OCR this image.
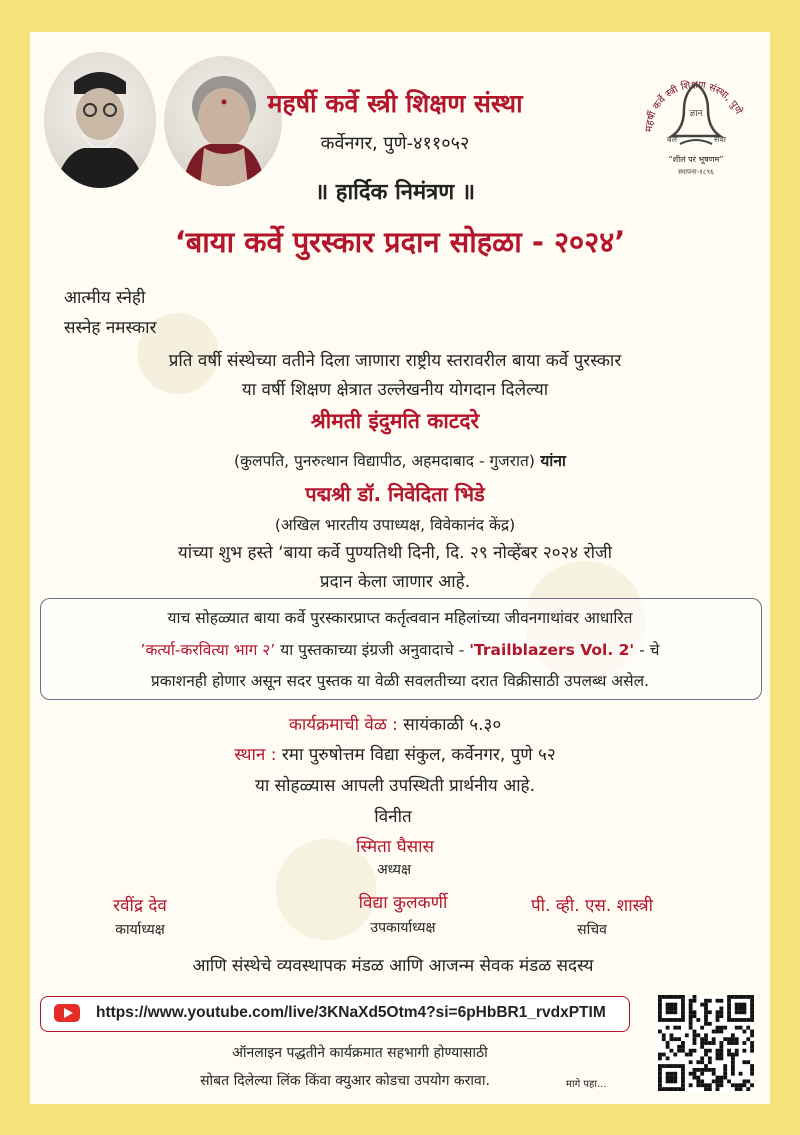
महर्षी कर्वे स्त्री शिक्षण संस्था
कर्वेनगर, पुणे-४११०५२
॥ हार्दिक निमंत्रण ॥
‘बाया कर्वे पुरस्कार प्रदान सोहळा - २०२४’
महर्षी कर्वे स्त्री शिक्षण संस्था, पुणे
ज्ञान
बल	सेवा
“शीलं परं भूषणम”
स्थापना-१८९६
आत्मीय स्नेही
सस्नेह नमस्कार
प्रति वर्षी संस्थेच्या वतीने दिला जाणारा राष्ट्रीय स्तरावरील बाया कर्वे पुरस्कार
या वर्षी शिक्षण क्षेत्रात उल्लेखनीय योगदान दिलेल्या
श्रीमती इंदुमति काटदरे
(कुलपति, पुनरुत्थान विद्यापीठ, अहमदाबाद - गुजरात) यांना
पद्मश्री डॉ. निवेदिता भिडे
(अखिल भारतीय उपाध्यक्ष, विवेकानंद केंद्र)
यांच्या शुभ हस्ते ‘बाया कर्वे पुण्यतिथी दिनी, दि. २९ नोव्हेंबर २०२४ रोजी
प्रदान केला जाणार आहे.
याच सोहळ्यात बाया कर्वे पुरस्कारप्राप्त कर्तृत्ववान महिलांच्या जीवनगाथांवर आधारित
’कर्त्या-करवित्या भाग २’ या पुस्तकाच्या इंग्रजी अनुवादाचे - 'Trailblazers Vol. 2' - चे
प्रकाशनही होणार असून सदर पुस्तक या वेळी सवलतीच्या दरात विक्रीसाठी उपलब्ध असेल.
कार्यक्रमाची वेळ : सायंकाळी ५.३०
स्थान : रमा पुरुषोत्तम विद्या संकुल, कर्वेनगर, पुणे ५२
या सोहळ्यास आपली उपस्थिती प्रार्थनीय आहे.
विनीत
स्मिता घैसास
अध्यक्ष
रवींद्र देव
कार्याध्यक्ष
विद्या कुलकर्णी
उपकार्याध्यक्ष
पी. व्ही. एस. शास्त्री
सचिव
आणि संस्थेचे व्यवस्थापक मंडळ आणि आजन्म सेवक मंडळ सदस्य
https://www.youtube.com/live/3KNaXd5Otm4?si=6pHbBR1_rvdxPTIM
ऑनलाइन पद्धतीने कार्यक्रमात सहभागी होण्यासाठी
सोबत दिलेल्या लिंक किंवा क्युआर कोडचा उपयोग करावा.	मागे पहा...
